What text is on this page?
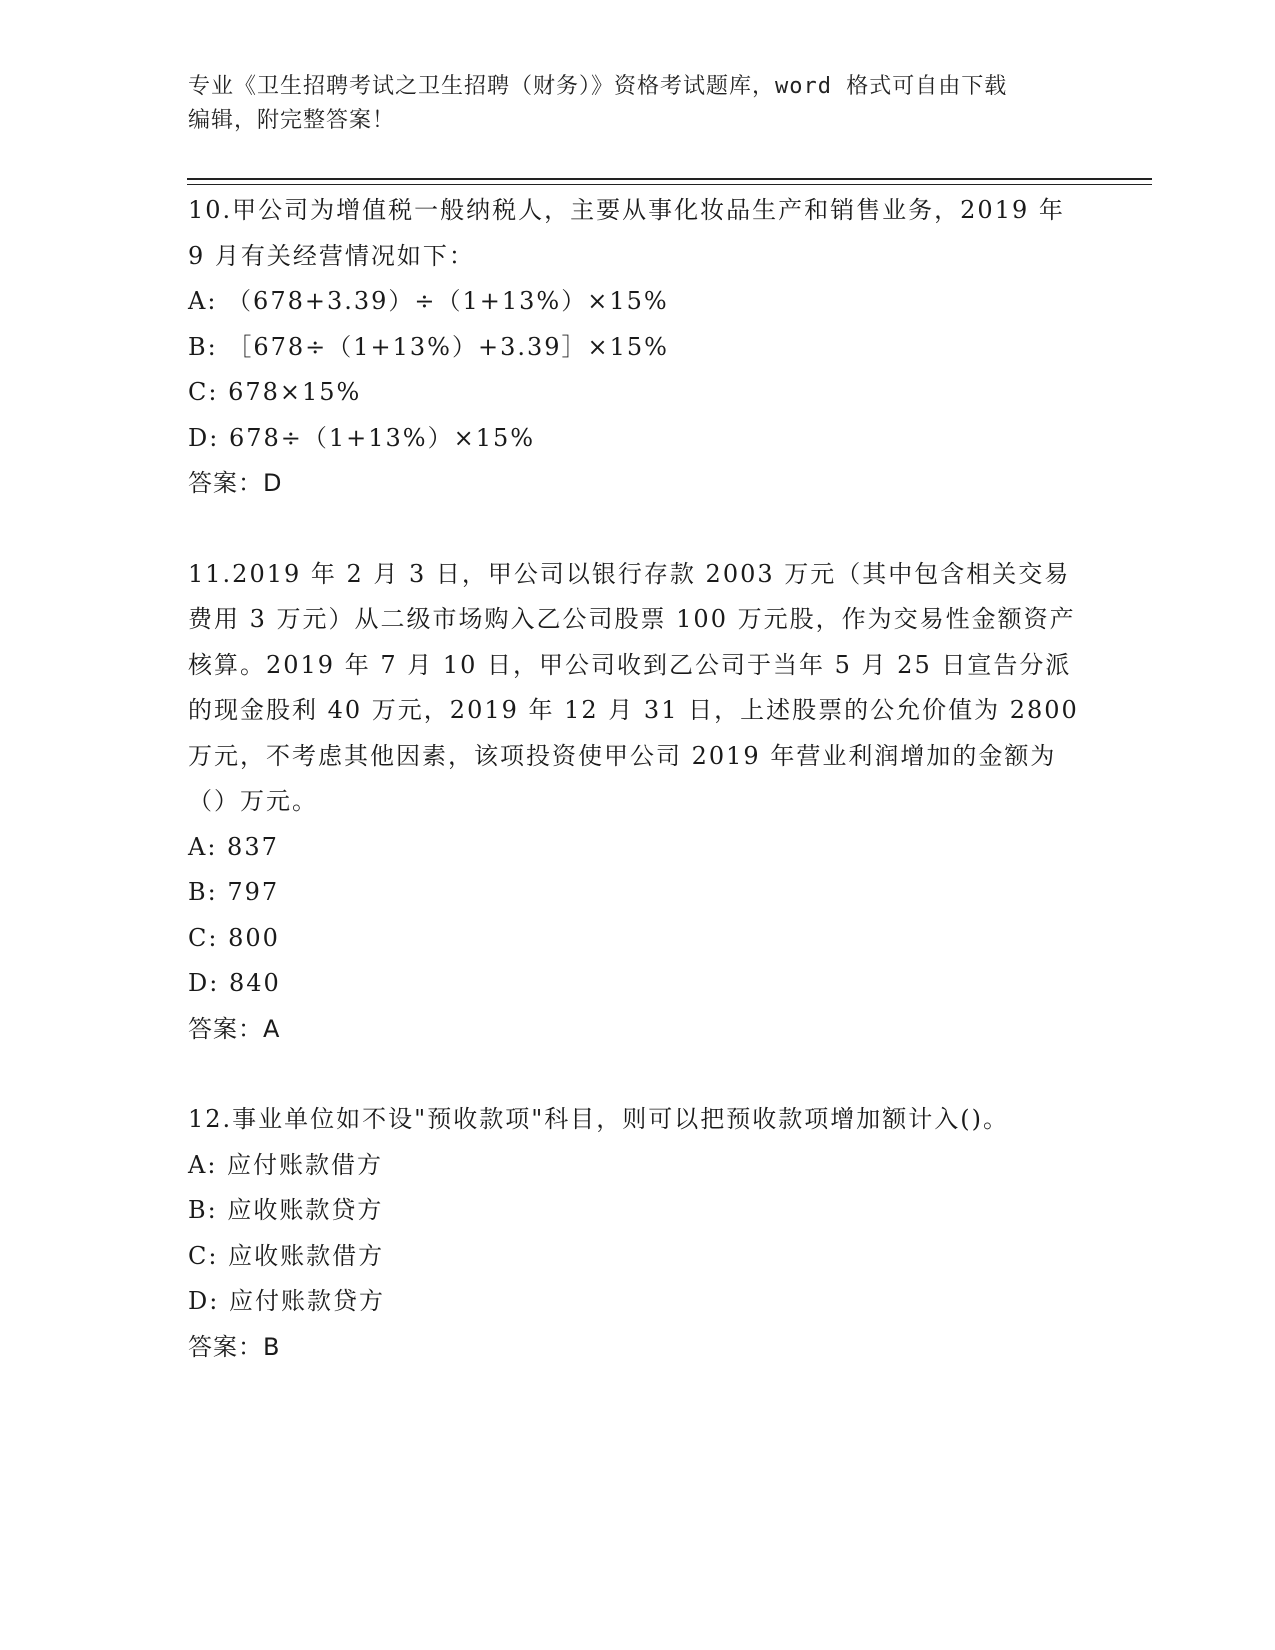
专业《卫生招聘考试之卫生招聘（财务）》资格考试题库，word 格式可自由下载
编辑，附完整答案！
10.甲公司为增值税一般纳税人，主要从事化妆品生产和销售业务，2019 年 9 月有关经营情况如下：
A: （678+3.39）÷（1+13%）×15%
B: ［678÷（1+13%）+3.39］×15%
C: 678×15%
D: 678÷（1+13%）×15%
答案：D
11.2019 年 2 月 3 日，甲公司以银行存款 2003 万元（其中包含相关交易费用 3 万元）从二级市场购入乙公司股票 100 万元股，作为交易性金额资产核算。2019 年 7 月 10 日，甲公司收到乙公司于当年 5 月 25 日宣告分派的现金股利 40 万元，2019 年 12 月 31 日，上述股票的公允价值为 2800 万元，不考虑其他因素，该项投资使甲公司 2019 年营业利润增加的金额为（）万元。
A: 837
B: 797
C: 800
D: 840
答案：A
12.事业单位如不设"预收款项"科目，则可以把预收款项增加额计入()。
A: 应付账款借方
B: 应收账款贷方
C: 应收账款借方
D: 应付账款贷方
答案：B
